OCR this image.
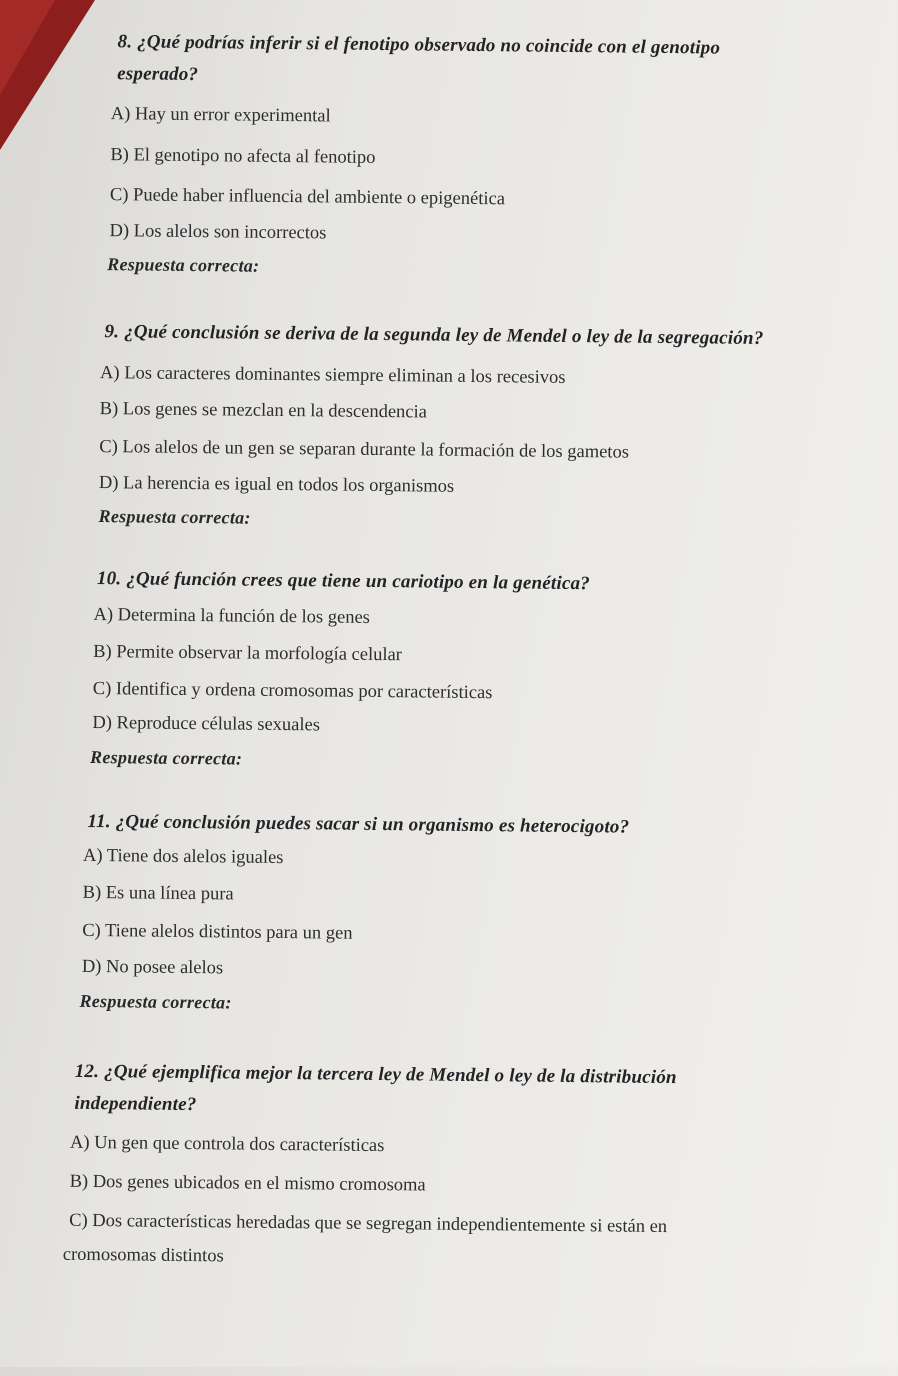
8. ¿Qué podrías inferir si el fenotipo observado no coincide con el genotipo
esperado?
A) Hay un error experimental
B) El genotipo no afecta al fenotipo
C) Puede haber influencia del ambiente o epigenética
D) Los alelos son incorrectos
Respuesta correcta:
9. ¿Qué conclusión se deriva de la segunda ley de Mendel o ley de la segregación?
A) Los caracteres dominantes siempre eliminan a los recesivos
B) Los genes se mezclan en la descendencia
C) Los alelos de un gen se separan durante la formación de los gametos
D) La herencia es igual en todos los organismos
Respuesta correcta:
10. ¿Qué función crees que tiene un cariotipo en la genética?
A) Determina la función de los genes
B) Permite observar la morfología celular
C) Identifica y ordena cromosomas por características
D) Reproduce células sexuales
Respuesta correcta:
11. ¿Qué conclusión puedes sacar si un organismo es heterocigoto?
A) Tiene dos alelos iguales
B) Es una línea pura
C) Tiene alelos distintos para un gen
D) No posee alelos
Respuesta correcta:
12. ¿Qué ejemplifica mejor la tercera ley de Mendel o ley de la distribución
independiente?
A) Un gen que controla dos características
B) Dos genes ubicados en el mismo cromosoma
C) Dos características heredadas que se segregan independientemente si están en
cromosomas distintos
